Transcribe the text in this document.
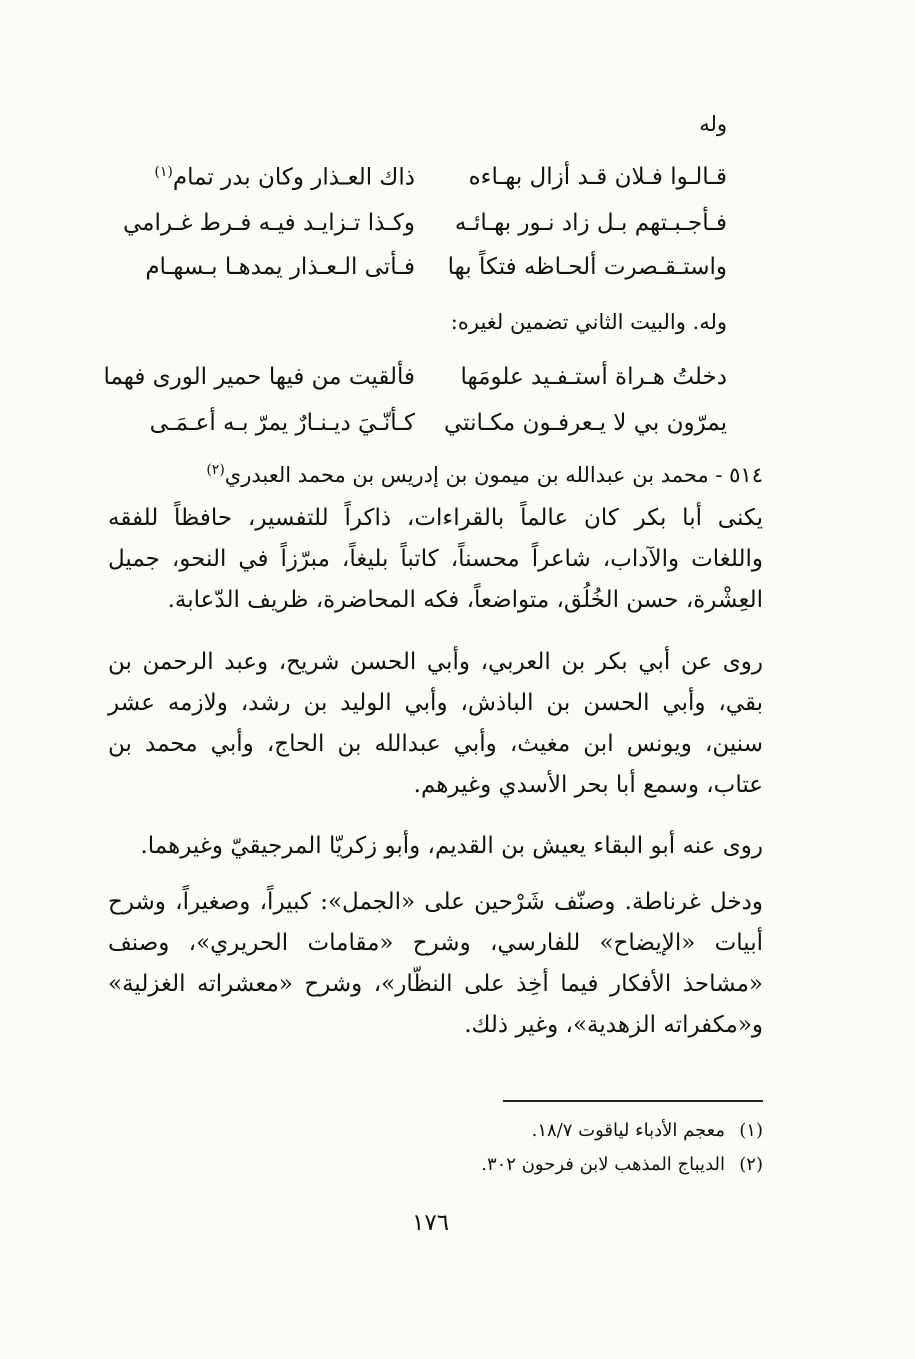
وله
قـالـوا فـلان قـد أزال بهـاءه
ذاك العـذار وكان بدر تمام$^{(١)}$
فـأجـبـتهم بـل زاد نـور بهـائـه
وكـذا تـزايـد فيـه فـرط غـرامي
واستـقـصرت ألحـاظه فتكاً بها
فـأتى الـعـذار يمدهـا بـسهـام
وله. والبيت الثاني تضمين لغيره:
دخلتُ هـراة أستـفـيد علومَها
فألقيت من فيها حمير الورى فهما
يمرّون بي لا يـعرفـون مكـانتي
كـأنّـيَ ديـنـارٌ يمرّ بـه أعـمَـى
٥١٤ - محمد بن عبدالله بن ميمون بن إدريس بن محمد العبدري$^{(٢)}$
يكنى أبا بكر كان عالماً بالقراءات، ذاكراً للتفسير، حافظاً للفقه واللغات والآداب، شاعراً محسناً، كاتباً بليغاً، مبرّزاً في النحو، جميل العِشْرة، حسن الخُلُق، متواضعاً، فكه المحاضرة، ظريف الدّعابة.
روى عن أبي بكر بن العربي، وأبي الحسن شريح، وعبد الرحمن بن بقي، وأبي الحسن بن الباذش، وأبي الوليد بن رشد، ولازمه عشر سنين، ويونس ابن مغيث، وأبي عبدالله بن الحاج، وأبي محمد بن عتاب، وسمع أبا بحر الأسدي وغيرهم.
روى عنه أبو البقاء يعيش بن القديم، وأبو زكريّا المرجيقيّ وغيرهما.
ودخل غرناطة. وصنّف شَرْحين على «الجمل»: كبيراً، وصغيراً، وشرح أبيات «الإيضاح» للفارسي، وشرح «مقامات الحريري»، وصنف «مشاحذ الأفكار فيما أخِذ على النظّار»، وشرح «معشراته الغزلية» و«مكفراته الزهدية»، وغير ذلك.
(١)معجم الأدباء لياقوت ١٨/٧.
(٢)الديباج المذهب لابن فرحون ٣٠٢.
١٧٦
